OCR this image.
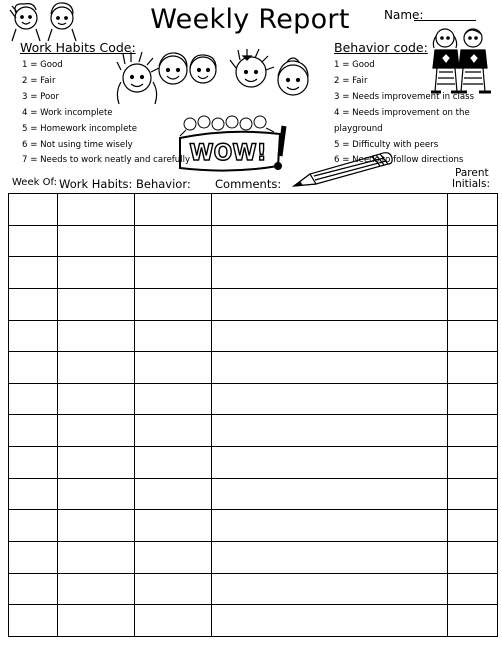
Weekly Report	Name:
Work Habits Code:
1 = Good
2 = Fair
3 = Poor
4 = Work incomplete
5 = Homework incomplete
6 = Not using time wisely
7 = Needs to work neatly and carefully
Behavior code:
1 = Good
2 = Fair
3 = Needs improvement in class
4 = Needs improvement on the playground
5 = Difficulty with peers
6 = Needs to follow directions
WOW!
Week Of: Work Habits: Behavior: Comments:
Parent
Initials:
